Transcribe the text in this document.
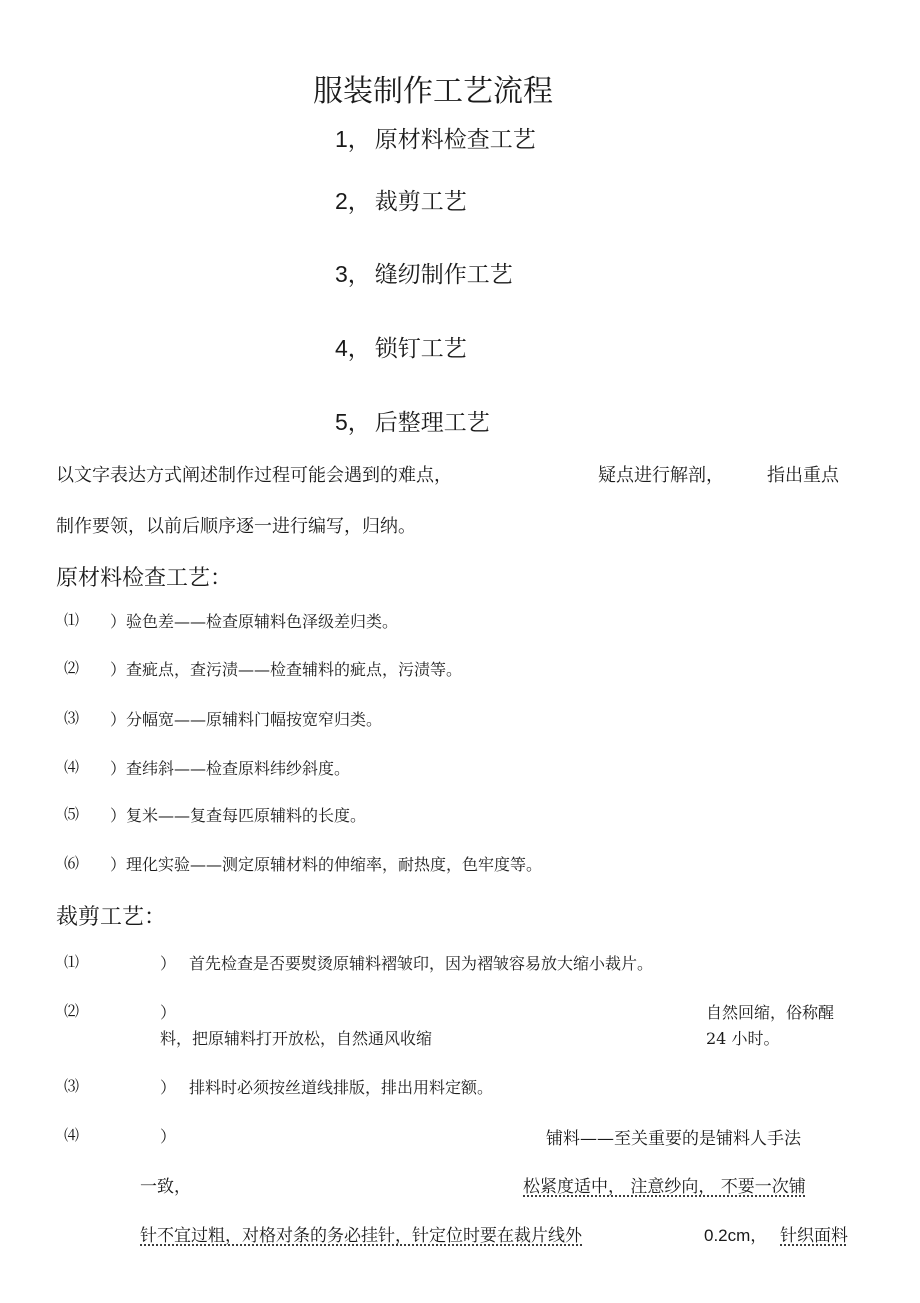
服装制作工艺流程
1， 原材料检查工艺
2， 裁剪工艺
3， 缝纫制作工艺
4， 锁钉工艺
5， 后整理工艺
以文字表达方式阐述制作过程可能会遇到的难点，	疑点进行解剖， 指出重点
制作要领，以前后顺序逐一进行编写，归纳。
原材料检查工艺：
⑴ ）验色差——检查原辅料色泽级差归类。
⑵ ）查疵点，查污渍——检查辅料的疵点，污渍等。
⑶ ）分幅宽——原辅料门幅按宽窄归类。
⑷ ）查纬斜——检查原料纬纱斜度。
⑸ ）复米——复查每匹原辅料的长度。
⑹ ）理化实验——测定原辅材料的伸缩率，耐热度，色牢度等。
裁剪工艺：
⑴	） 首先检查是否要熨烫原辅料褶皱印，因为褶皱容易放大缩小裁片。
⑵	）	自然回缩，俗称醒
料，把原辅料打开放松，自然通风收缩	24 小时。
⑶	） 排料时必须按丝道线排版，排出用料定额。
⑷	）	铺料——至关重要的是铺料人手法
一致，	松紧度适中， 注意纱向， 不要一次铺
针不宜过粗，对格对条的务必挂针，针定位时要在裁片线外	0.2cm， 针织面料
